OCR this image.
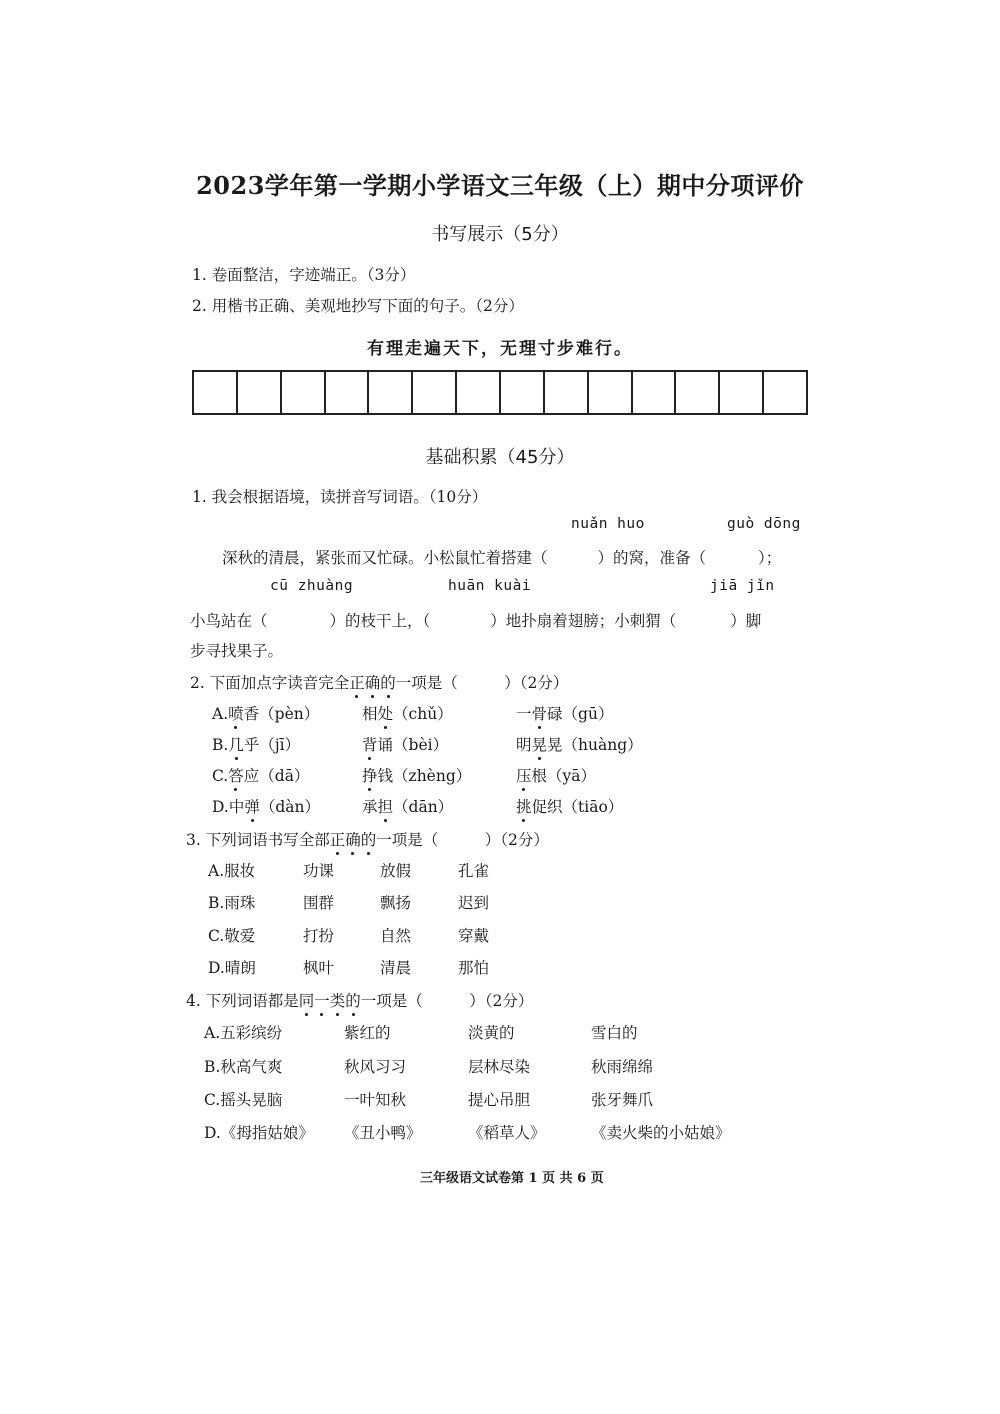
2023学年第一学期小学语文三年级（上）期中分项评价
书写展示（5分）
1. 卷面整洁，字迹端正。（3分）
2. 用楷书正确、美观地抄写下面的句子。（2分）
有理走遍天下，无理寸步难行。
基础积累（45分）
1. 我会根据语境，读拼音写词语。（10分）
nuǎn huo	guò dōng
深秋的清晨，紧张而又忙碌。小松鼠忙着搭建（	）的窝，准备（	）；
cū zhuàng	huān kuài	jiā jǐn
小鸟站在（	）的枝干上，（	）地扑扇着翅膀；小刺猬（	）脚
步寻找果子。
2. 下面加点字读音完全正确的一项是（　　　）（2分）
A.喷香（pèn）	相处（chǔ）	一骨碌（gū）
B.几乎（jī）	背诵（bèi）	明晃晃（huàng）
C.答应（dā）	挣钱（zhèng）	压根（yā）
D.中弹（dàn）	承担（dān）	挑促织（tiāo）
3. 下列词语书写全部正确的一项是（　　　）（2分）
A.服妆	功课	放假	孔雀
B.雨珠	围群	飘扬	迟到
C.敬爱	打扮	自然	穿戴
D.晴朗	枫叶	清晨	那怕
4. 下列词语都是同一类的一项是（　　　）（2分）
A.五彩缤纷	紫红的	淡黄的	雪白的
B.秋高气爽	秋风习习	层林尽染	秋雨绵绵
C.摇头晃脑	一叶知秋	提心吊胆	张牙舞爪
D.《拇指姑娘》 《丑小鸭》	《稻草人》	《卖火柴的小姑娘》
三年级语文试卷第 1 页 共 6 页
